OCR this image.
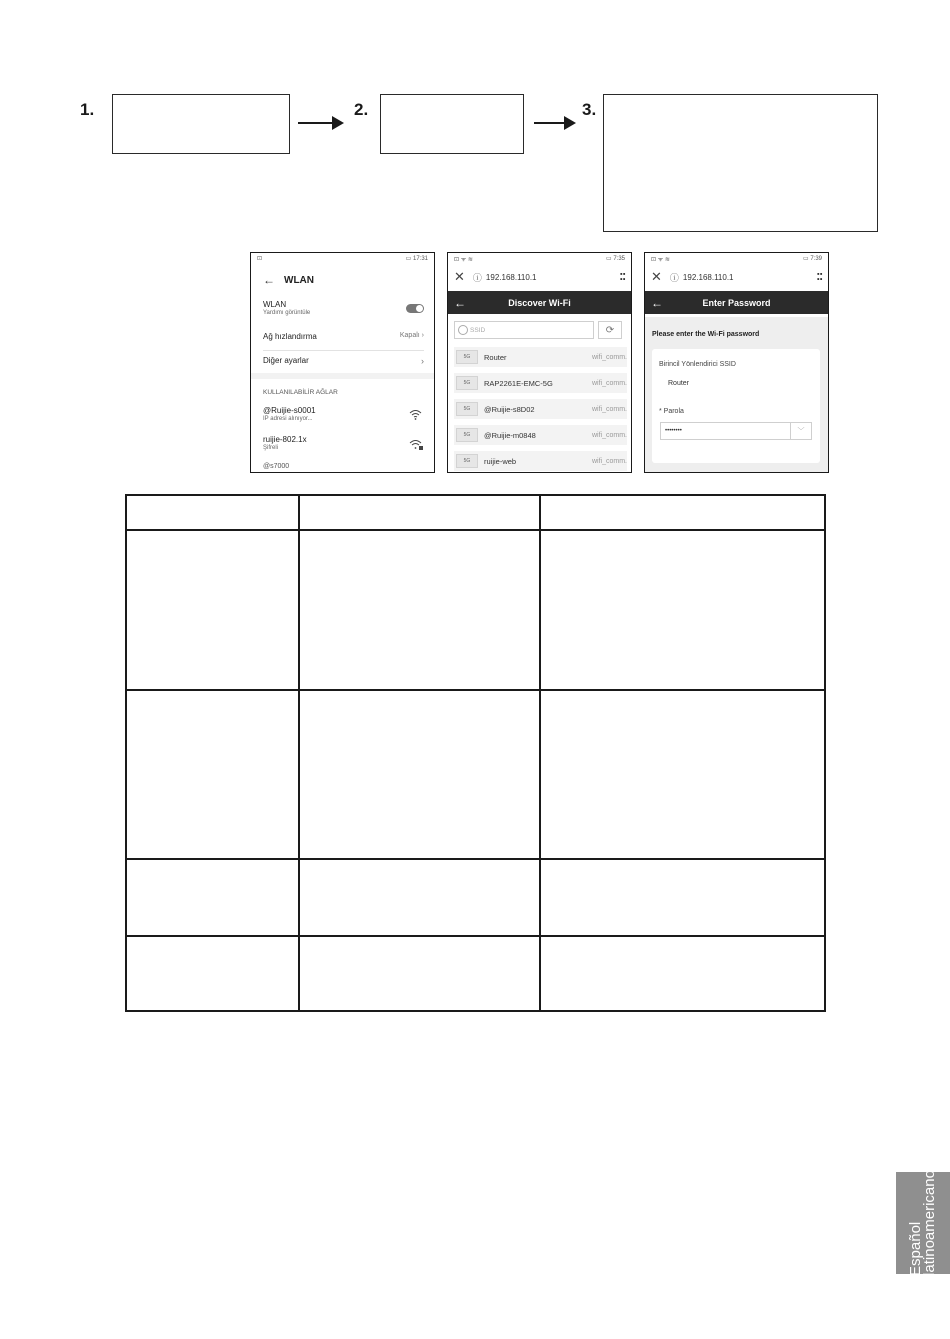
1.	2.	3.
⊡	▭ 17:31
← WLAN
WLAN
Yardımı görüntüle
Ağ hızlandırma	Kapalı ›
Diğer ayarlar	›
KULLANILABİLİR AĞLAR
@Ruijie-s0001
IP adresi alınıyor...
ruijie-802.1x
Şifreli
@s7000
⊡ ᯤ ≋	▭ 7:35
✕ ⓘ 192.168.110.1	⁚⁚
←	Discover Wi-Fi
SSID	⟳
5G	Router	wifi_comm.
5G	RAP2261E-EMC-5G	wifi_comm.
5G	@Ruijie-s8D02	wifi_comm.
5G	@Ruijie-m0848	wifi_comm.
5G	ruijie-web	wifi_comm.
⊡ ᯤ ≋	▭ 7:39
✕ ⓘ 192.168.110.1	⁚⁚
←	Enter Password
Please enter the Wi-Fi password
Birincil Yönlendirici SSID
Router
* Parola
••••••••	﹀
Español
latinoamericano
